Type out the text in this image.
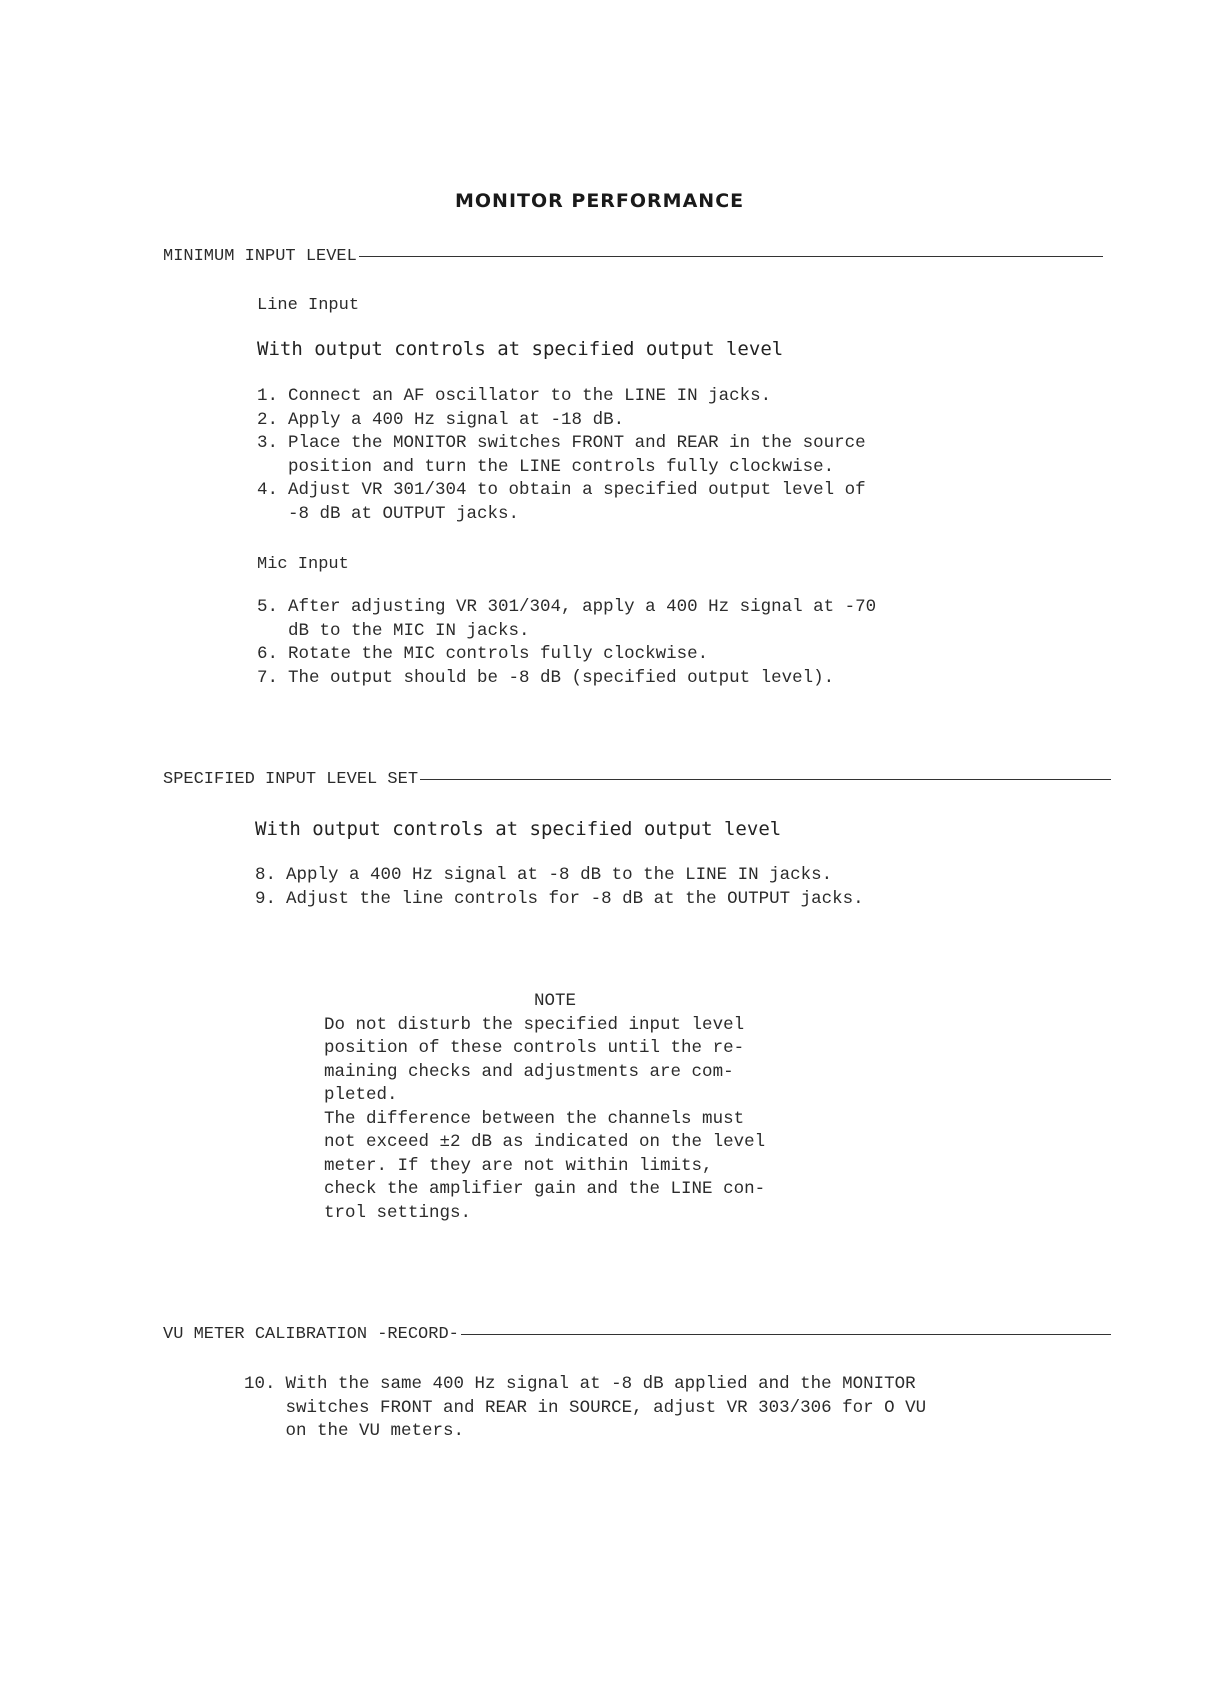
MONITOR PERFORMANCE
MINIMUM INPUT LEVEL
Line Input
With output controls at specified output level
1. Connect an AF oscillator to the LINE IN jacks.
2. Apply a 400 Hz signal at -18 dB.
3. Place the MONITOR switches FRONT and REAR in the source
position and turn the LINE controls fully clockwise.
4. Adjust VR 301/304 to obtain a specified output level of
-8 dB at OUTPUT jacks.
Mic Input
5. After adjusting VR 301/304, apply a 400 Hz signal at -70
dB to the MIC IN jacks.
6. Rotate the MIC controls fully clockwise.
7. The output should be -8 dB (specified output level).
SPECIFIED INPUT LEVEL SET
With output controls at specified output level
8. Apply a 400 Hz signal at -8 dB to the LINE IN jacks.
9. Adjust the line controls for -8 dB at the OUTPUT jacks.
NOTE
Do not disturb the specified input level
position of these controls until the re-
maining checks and adjustments are com-
pleted.
The difference between the channels must
not exceed ±2 dB as indicated on the level
meter. If they are not within limits,
check the amplifier gain and the LINE con-
trol settings.
VU METER CALIBRATION -RECORD-
10. With the same 400 Hz signal at -8 dB applied and the MONITOR
switches FRONT and REAR in SOURCE, adjust VR 303/306 for O VU
on the VU meters.
